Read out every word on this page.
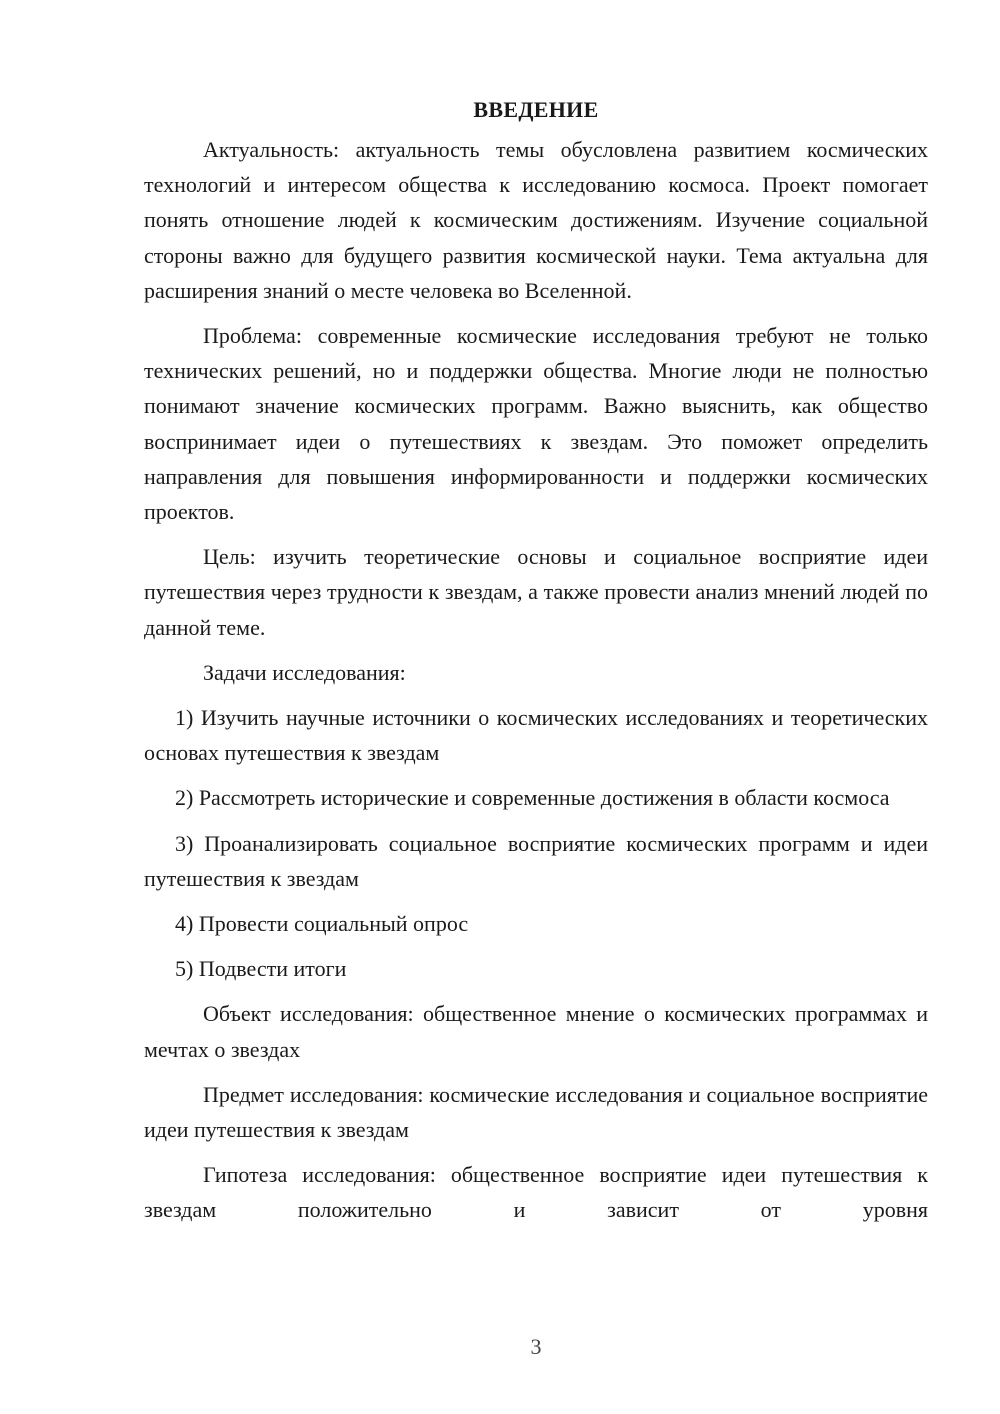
ВВЕДЕНИЕ

Актуальность: актуальность темы обусловлена развитием космических технологий и интересом общества к исследованию космоса. Проект помогает понять отношение людей к космическим достижениям. Изучение социальной стороны важно для будущего развития космической науки. Тема актуальна для расширения знаний о месте человека во Вселенной.

Проблема: современные космические исследования требуют не только технических решений, но и поддержки общества. Многие люди не полностью понимают значение космических программ. Важно выяснить, как общество воспринимает идеи о путешествиях к звездам. Это поможет определить направления для повышения информированности и поддержки космических проектов.

Цель: изучить теоретические основы и социальное восприятие идеи путешествия через трудности к звездам, а также провести анализ мнений людей по данной теме.

Задачи исследования:

1) Изучить научные источники о космических исследованиях и теоретических основах путешествия к звездам

2) Рассмотреть исторические и современные достижения в области космоса

3) Проанализировать социальное восприятие космических программ и идеи путешествия к звездам

4) Провести социальный опрос

5) Подвести итоги

Объект исследования: общественное мнение о космических программах и мечтах о звездах

Предмет исследования: космические исследования и социальное восприятие идеи путешествия к звездам

Гипотеза исследования: общественное восприятие идеи путешествия к звездам положительно и зависит от уровня

3
